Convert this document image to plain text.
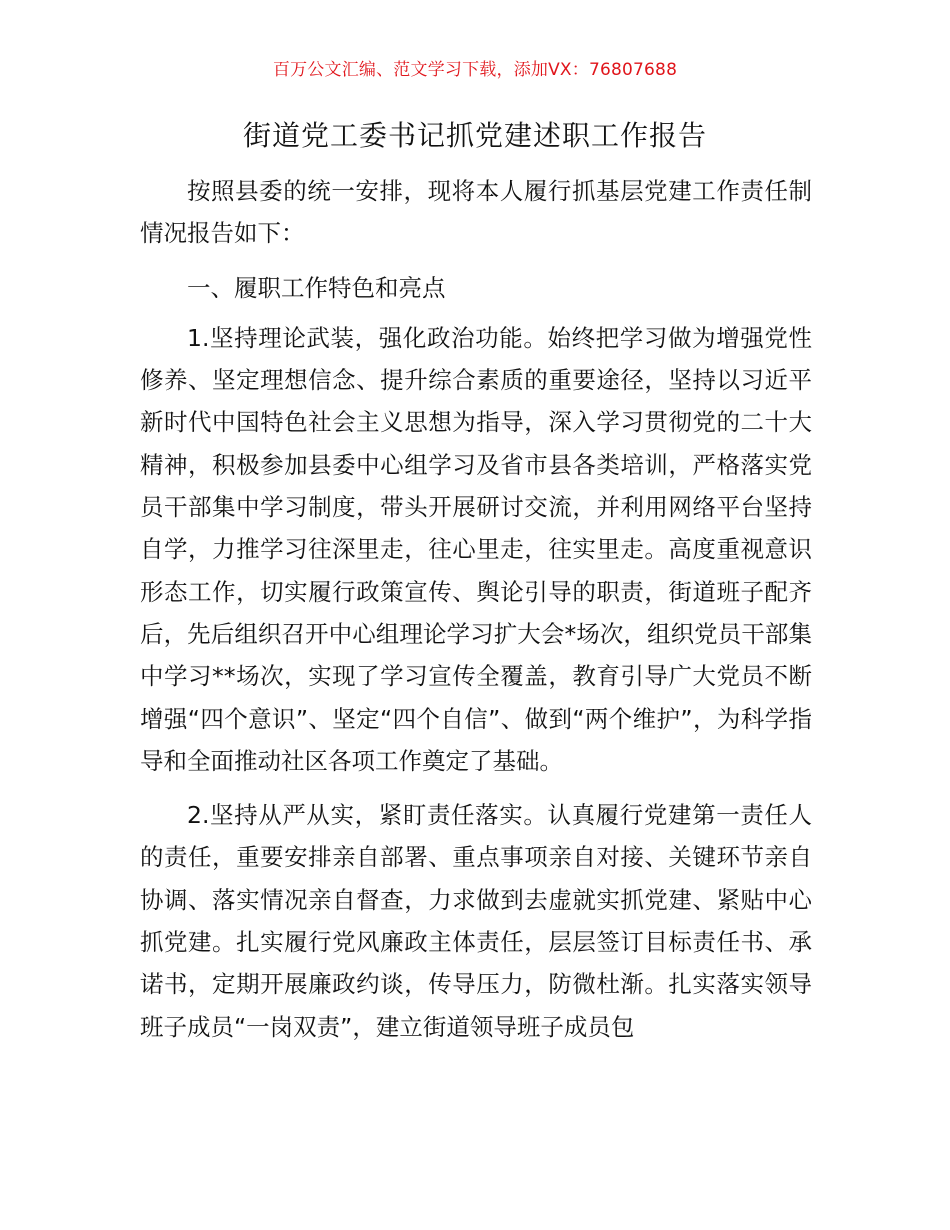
百万公文汇编、范文学习下载，添加VX：76807688
街道党工委书记抓党建述职工作报告

按照县委的统一安排，现将本人履行抓基层党建工作责任制情况报告如下：

一、履职工作特色和亮点

1.坚持理论武装，强化政治功能。始终把学习做为增强党性修养、坚定理想信念、提升综合素质的重要途径，坚持以习近平新时代中国特色社会主义思想为指导，深入学习贯彻党的二十大精神，积极参加县委中心组学习及省市县各类培训，严格落实党员干部集中学习制度，带头开展研讨交流，并利用网络平台坚持自学，力推学习往深里走，往心里走，往实里走。高度重视意识形态工作，切实履行政策宣传、舆论引导的职责，街道班子配齐后，先后组织召开中心组理论学习扩大会*场次，组织党员干部集中学习**场次，实现了学习宣传全覆盖，教育引导广大党员不断增强“四个意识”、坚定“四个自信”、做到“两个维护”，为科学指导和全面推动社区各项工作奠定了基础。

2.坚持从严从实，紧盯责任落实。认真履行党建第一责任人的责任，重要安排亲自部署、重点事项亲自对接、关键环节亲自协调、落实情况亲自督查，力求做到去虚就实抓党建、紧贴中心抓党建。扎实履行党风廉政主体责任，层层签订目标责任书、承诺书，定期开展廉政约谈，传导压力，防微杜渐。扎实落实领导班子成员“一岗双责”，建立街道领导班子成员包
